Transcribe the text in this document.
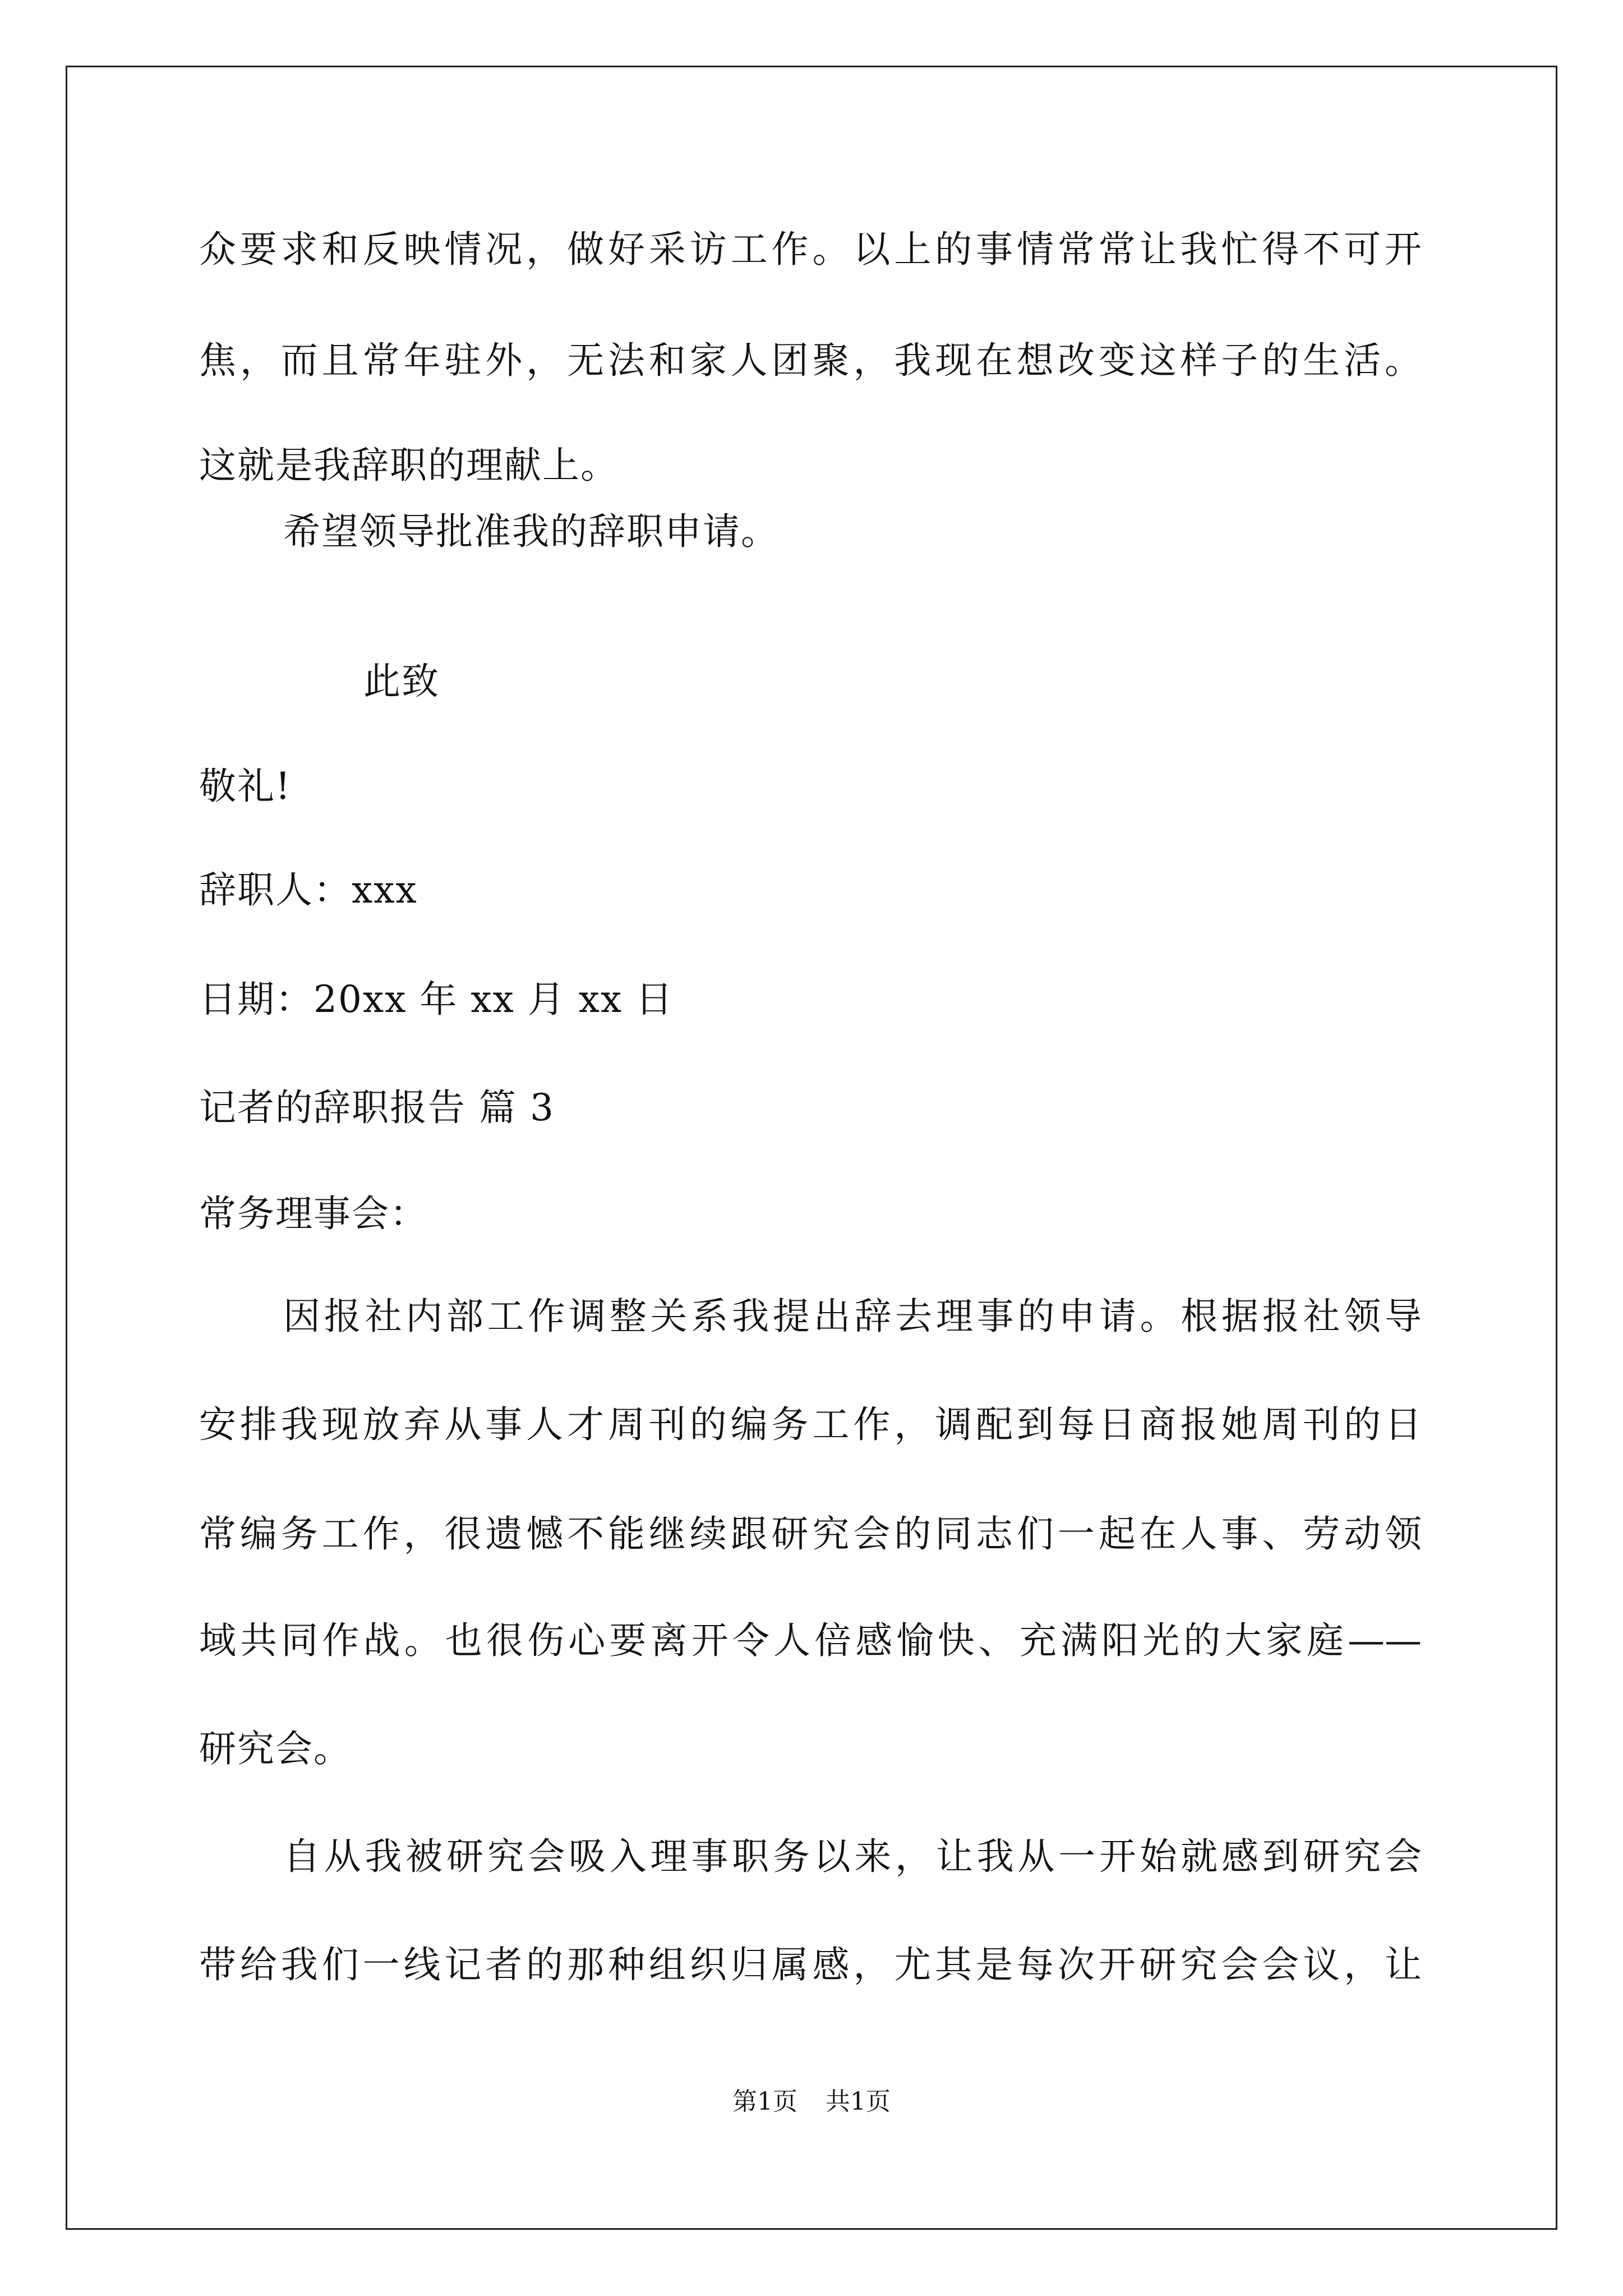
众要求和反映情况，做好采访工作。以上的事情常常让我忙得不可开
焦，而且常年驻外，无法和家人团聚，我现在想改变这样子的生活。
这就是我辞职的理献上。
希望领导批准我的辞职申请。
此致
敬礼!
辞职人：xxx
日期：20xx 年 xx 月 xx 日
记者的辞职报告 篇 3
常务理事会：
因报社内部工作调整关系我提出辞去理事的申请。根据报社领导
安排我现放弃从事人才周刊的编务工作，调配到每日商报她周刊的日
常编务工作，很遗憾不能继续跟研究会的同志们一起在人事、劳动领
域共同作战。也很伤心要离开令人倍感愉快、充满阳光的大家庭——
研究会。
自从我被研究会吸入理事职务以来，让我从一开始就感到研究会
带给我们一线记者的那种组织归属感，尤其是每次开研究会会议，让
第1页 共1页
